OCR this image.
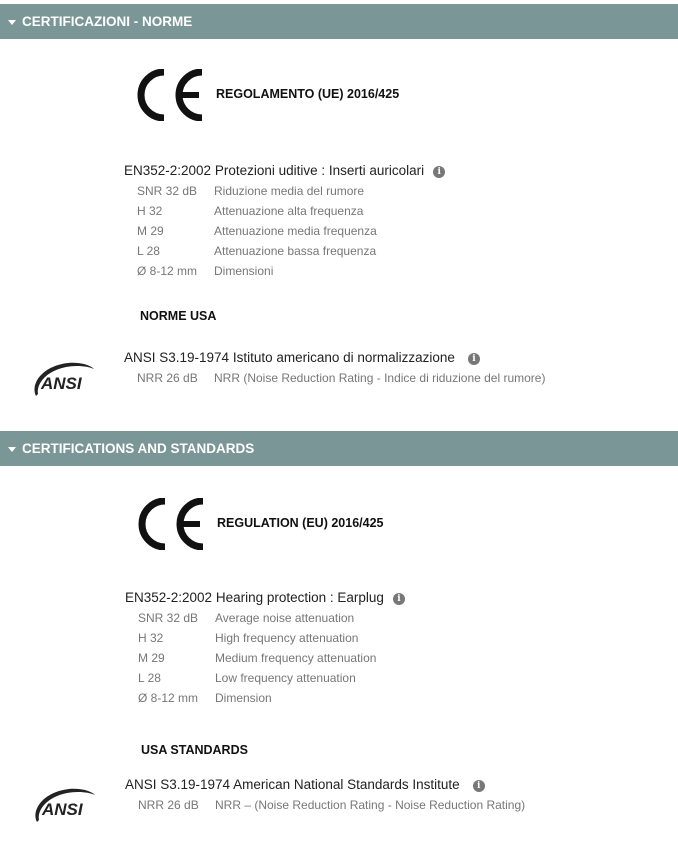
CERTIFICAZIONI - NORME
REGOLAMENTO (UE) 2016/425
EN352-2:2002 Protezioni uditive : Inserti auricolari i
SNR 32 dB	Riduzione media del rumore
H 32	Attenuazione alta frequenza
M 29	Attenuazione media frequenza
L 28	Attenuazione bassa frequenza
Ø 8-12 mm	Dimensioni
NORME USA
ANSI
ANSI S3.19-1974 Istituto americano di normalizzazione i
NRR 26 dB	NRR (Noise Reduction Rating - Indice di riduzione del rumore)
CERTIFICATIONS AND STANDARDS
REGULATION (EU) 2016/425
EN352-2:2002 Hearing protection : Earplug i
SNR 32 dB	Average noise attenuation
H 32	High frequency attenuation
M 29	Medium frequency attenuation
L 28	Low frequency attenuation
Ø 8-12 mm	Dimension
USA STANDARDS
ANSI
ANSI S3.19-1974 American National Standards Institute i
NRR 26 dB	NRR – (Noise Reduction Rating - Noise Reduction Rating)
